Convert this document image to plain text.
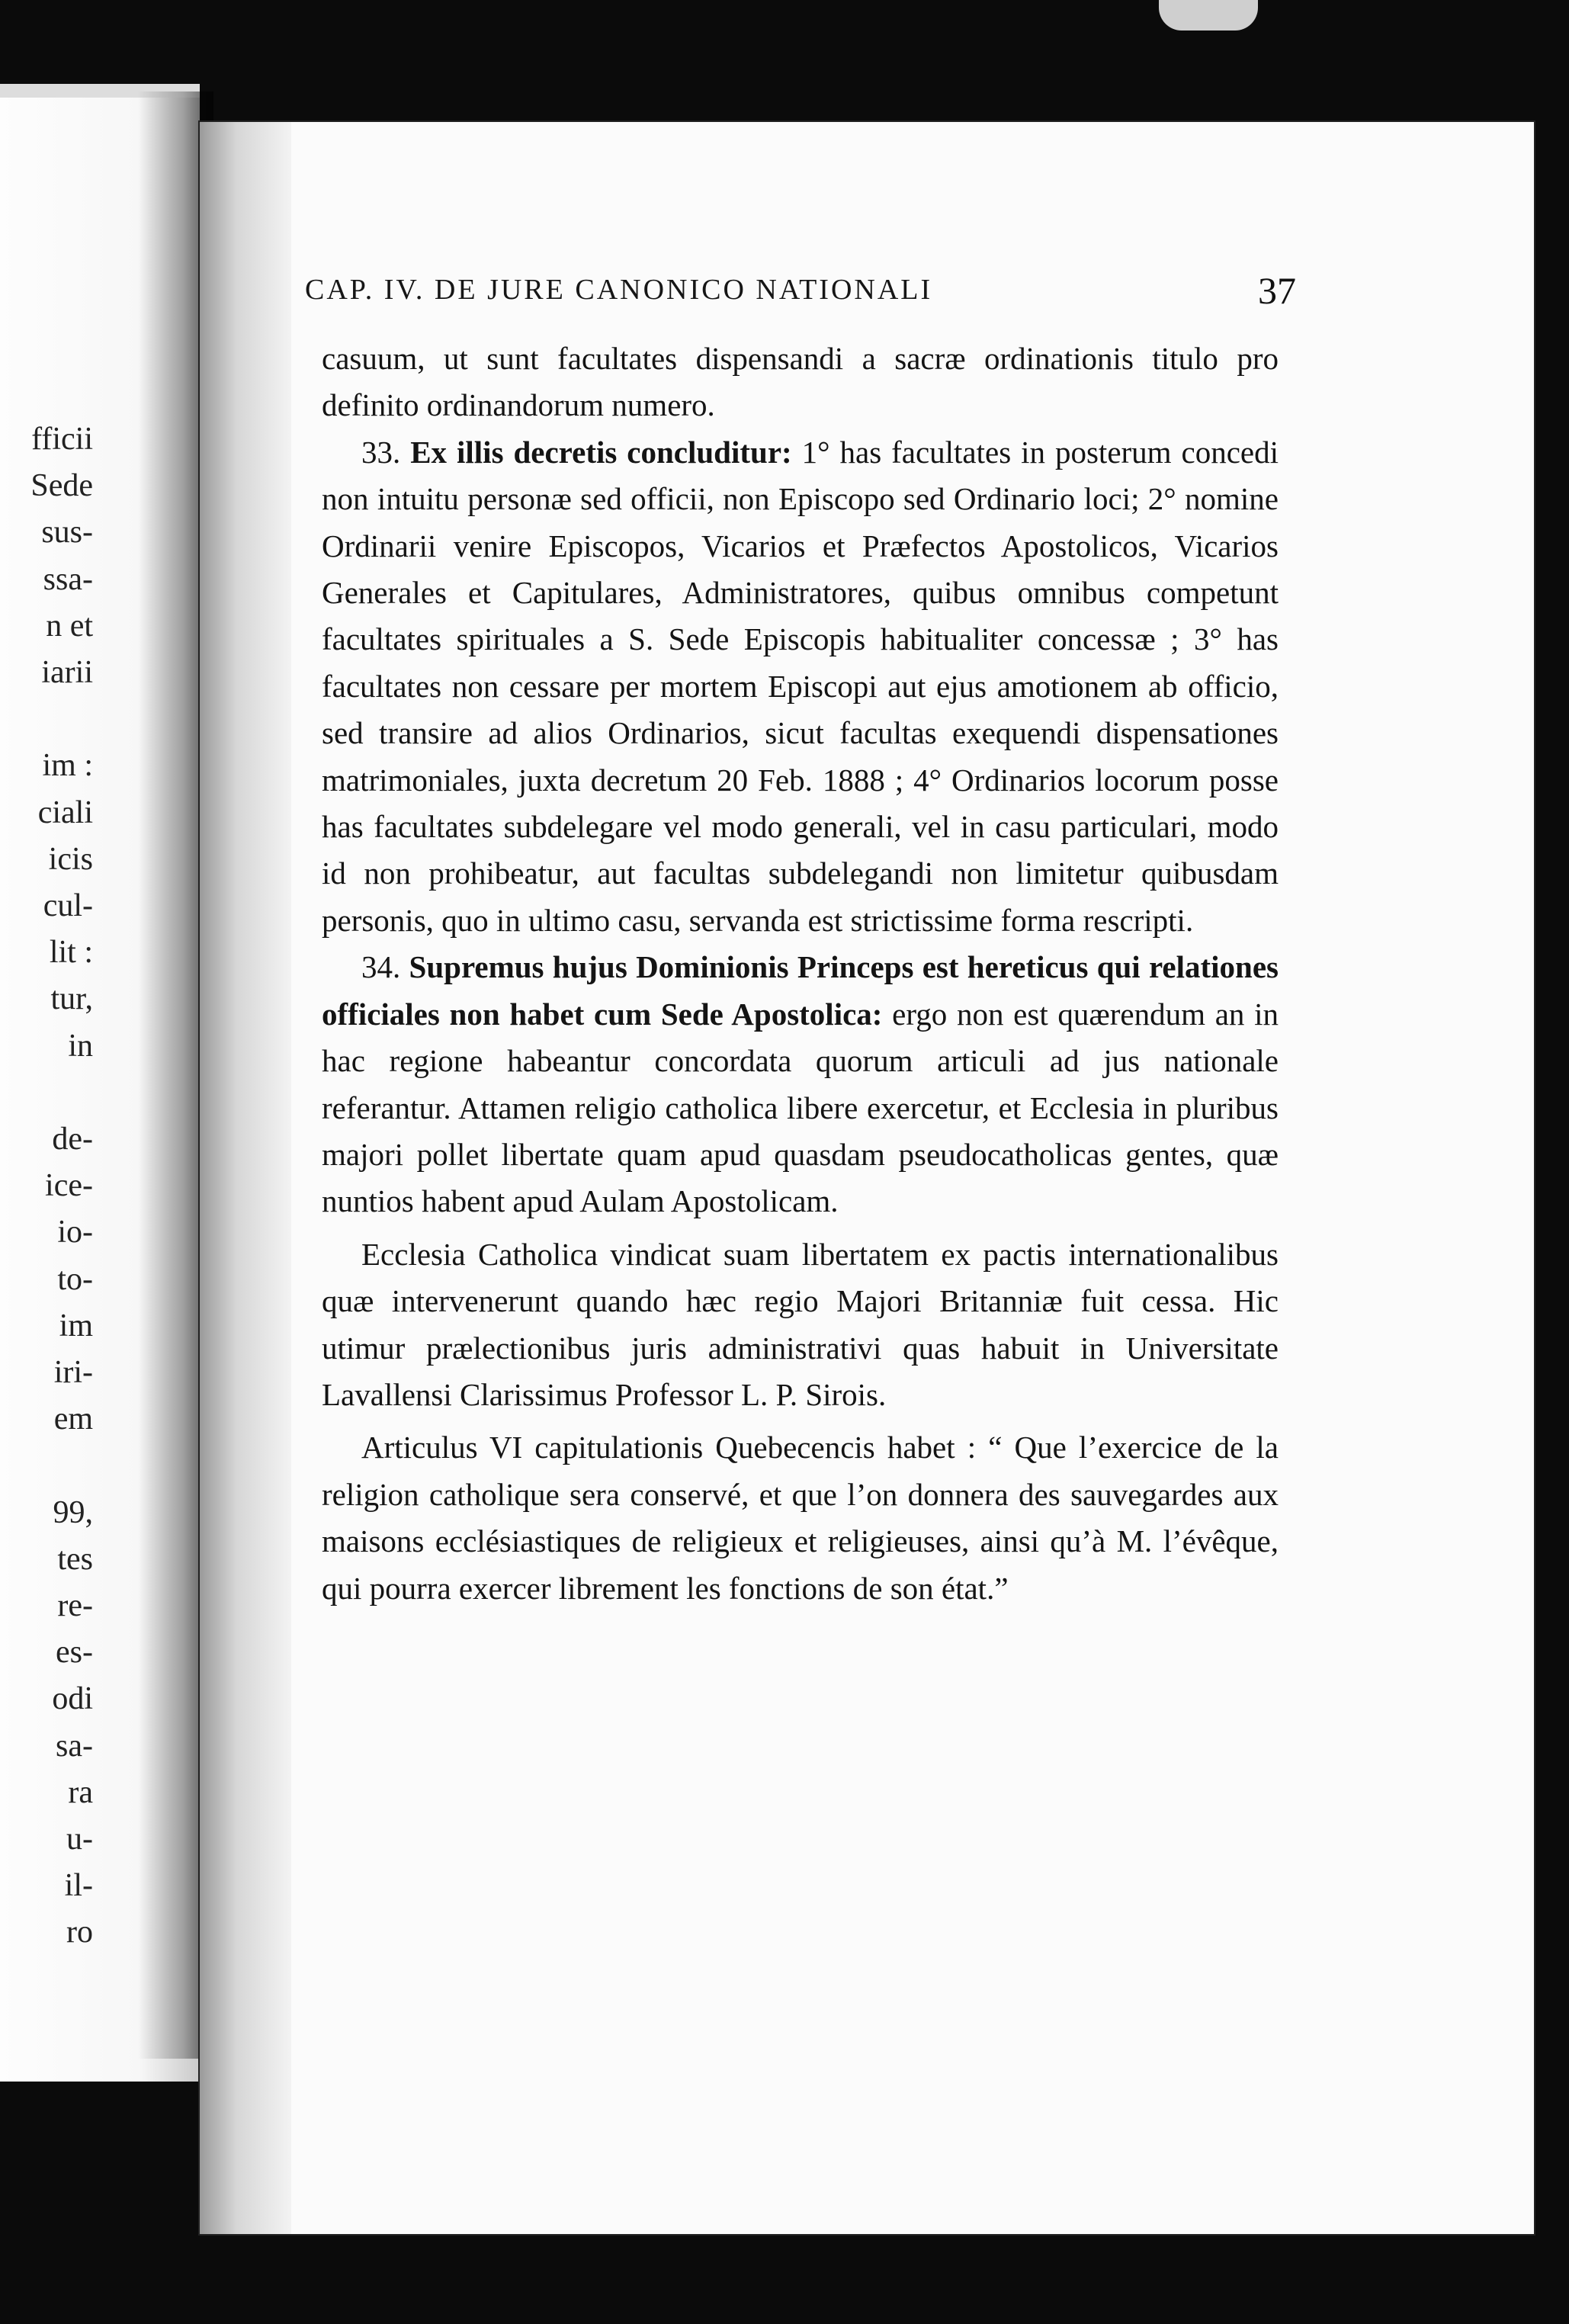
fficii
Sede
sus-
ssa-
n et
iarii
im :
ciali
icis
cul-
lit :
tur,
in
de-
ice-
io-
to-
im
iri-
em
99,
tes
re-
es-
odi
sa-
ra
u-
il-
ro
CAP. IV. DE JURE CANONICO NATIONALI	37

casuum, ut sunt facultates dispensandi a sacræ ordinationis titulo pro definito ordinandorum numero.

33. Ex illis decretis concluditur: 1° has facultates in posterum concedi non intuitu personæ sed officii, non Episcopo sed Ordinario loci; 2° nomine Ordinarii venire Episcopos, Vicarios et Præfectos Apostolicos, Vicarios Generales et Capitulares, Administratores, quibus omnibus competunt facultates spirituales a S. Sede Episcopis habitualiter concessæ ; 3° has facultates non cessare per mortem Episcopi aut ejus amotionem ab officio, sed transire ad alios Ordinarios, sicut facultas exequendi dispensationes matrimoniales, juxta decretum 20 Feb. 1888 ; 4° Ordinarios locorum posse has facultates subdelegare vel modo generali, vel in casu particulari, modo id non prohibeatur, aut facultas subdelegandi non limitetur quibusdam personis, quo in ultimo casu, servanda est strictissime forma rescripti.

34. Supremus hujus Dominionis Princeps est hereticus qui relationes officiales non habet cum Sede Apostolica: ergo non est quærendum an in hac regione habeantur concordata quorum articuli ad jus nationale referantur. Attamen religio catholica libere exercetur, et Ecclesia in pluribus majori pollet libertate quam apud quasdam pseudocatholicas gentes, quæ nuntios habent apud Aulam Apostolicam.

Ecclesia Catholica vindicat suam libertatem ex pactis internationalibus quæ intervenerunt quando hæc regio Majori Britanniæ fuit cessa. Hic utimur prælectionibus juris administrativi quas habuit in Universitate Lavallensi Clarissimus Professor L. P. Sirois.

Articulus VI capitulationis Quebecencis habet : “ Que l’exercice de la religion catholique sera conservé, et que l’on donnera des sauvegardes aux maisons ecclésiastiques de religieux et religieuses, ainsi qu’à M. l’évêque, qui pourra exercer librement les fonctions de son état.”
